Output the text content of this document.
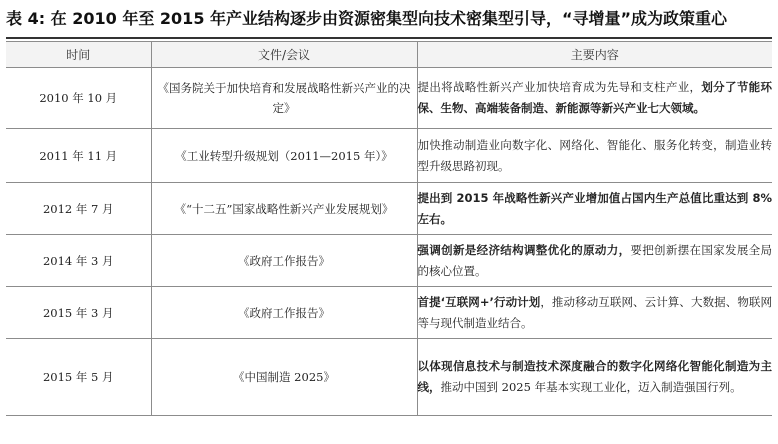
表 4: 在 2010 年至 2015 年产业结构逐步由资源密集型向技术密集型引导，“寻增量”成为政策重心
时间	文件/会议	主要内容
2010 年 10 月	《国务院关于加快培育和发展战略性新兴产业的决定》	提出将战略性新兴产业加快培育成为先导和支柱产业，划分了节能环保、生物、高端装备制造、新能源等新兴产业七大领域。
2011 年 11 月	《工业转型升级规划（2011—2015 年）》	加快推动制造业向数字化、网络化、智能化、服务化转变，制造业转型升级思路初现。
2012 年 7 月	《“十二五”国家战略性新兴产业发展规划》	提出到 2015 年战略性新兴产业增加值占国内生产总值比重达到 8%左右。
2014 年 3 月	《政府工作报告》	强调创新是经济结构调整优化的原动力，要把创新摆在国家发展全局的核心位置。
2015 年 3 月	《政府工作报告》	首提‘互联网+’行动计划，推动移动互联网、云计算、大数据、物联网等与现代制造业结合。
2015 年 5 月	《中国制造 2025》	以体现信息技术与制造技术深度融合的数字化网络化智能化制造为主线，推动中国到 2025 年基本实现工业化，迈入制造强国行列。
